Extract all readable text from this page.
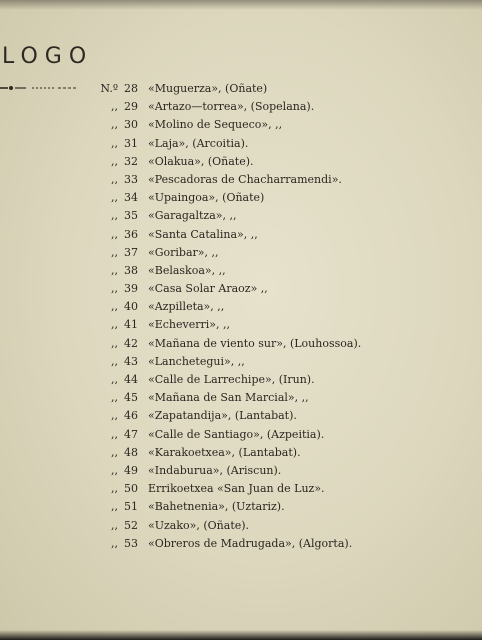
LOGO
N.º 28 «Muguerza», (Oñate)
,, 29 «Artazo—torrea», (Sopelana).
,, 30 «Molino de Sequeco», ,,
,, 31 «Laja», (Arcoitia).
,, 32 «Olakua», (Oñate).
,, 33 «Pescadoras de Chacharramendi».
,, 34 «Upaingoa», (Oñate)
,, 35 «Garagaltza», ,,
,, 36 «Santa Catalina», ,,
,, 37 «Goribar», ,,
,, 38 «Belaskoa», ,,
,, 39 «Casa Solar Araoz» ,,
,, 40 «Azpilleta», ,,
,, 41 «Echeverri», ,,
,, 42 «Mañana de viento sur», (Louhossoa).
,, 43 «Lanchetegui», ,,
,, 44 «Calle de Larrechipe», (Irun).
,, 45 «Mañana de San Marcial», ,,
,, 46 «Zapatandija», (Lantabat).
,, 47 «Calle de Santiago», (Azpeitia).
,, 48 «Karakoetxea», (Lantabat).
,, 49 «Indaburua», (Ariscun).
,, 50 Errikoetxea «San Juan de Luz».
,, 51 «Bahetnenia», (Uztariz).
,, 52 «Uzako», (Oñate).
,, 53 «Obreros de Madrugada», (Algorta).
